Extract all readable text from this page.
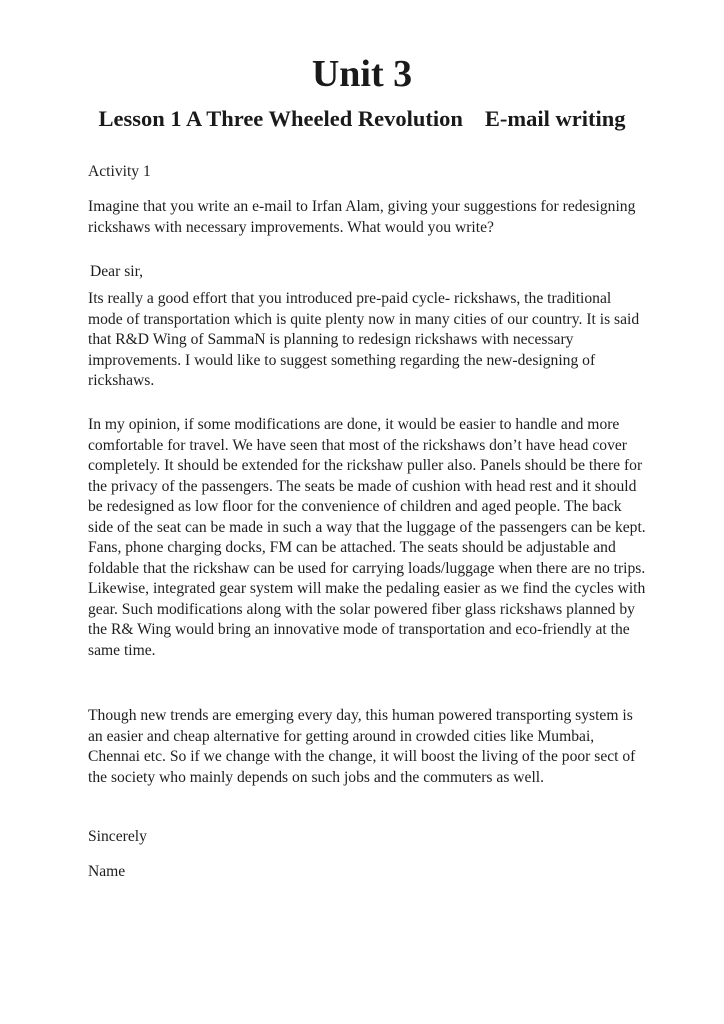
Unit 3
Lesson 1 A Three Wheeled Revolution E-mail writing

Activity 1

Imagine that you write an e-mail to Irfan Alam, giving your suggestions for redesigning rickshaws with necessary improvements. What would you write?

Dear sir,

Its really a good effort that you introduced pre-paid cycle- rickshaws, the traditional mode of transportation which is quite plenty now in many cities of our country. It is said that R&D Wing of SammaN is planning to redesign rickshaws with necessary improvements. I would like to suggest something regarding the new-designing of rickshaws.

In my opinion, if some modifications are done, it would be easier to handle and more comfortable for travel. We have seen that most of the rickshaws don’t have head cover completely. It should be extended for the rickshaw puller also. Panels should be there for the privacy of the passengers. The seats be made of cushion with head rest and it should be redesigned as low floor for the convenience of children and aged people. The back side of the seat can be made in such a way that the luggage of the passengers can be kept. Fans, phone charging docks, FM can be attached. The seats should be adjustable and foldable that the rickshaw can be used for carrying loads/luggage when there are no trips. Likewise, integrated gear system will make the pedaling easier as we find the cycles with gear. Such modifications along with the solar powered fiber glass rickshaws planned by the R& Wing would bring an innovative mode of transportation and eco-friendly at the same time.

Though new trends are emerging every day, this human powered transporting system is an easier and cheap alternative for getting around in crowded cities like Mumbai, Chennai etc. So if we change with the change, it will boost the living of the poor sect of the society who mainly depends on such jobs and the commuters as well.

Sincerely

Name
